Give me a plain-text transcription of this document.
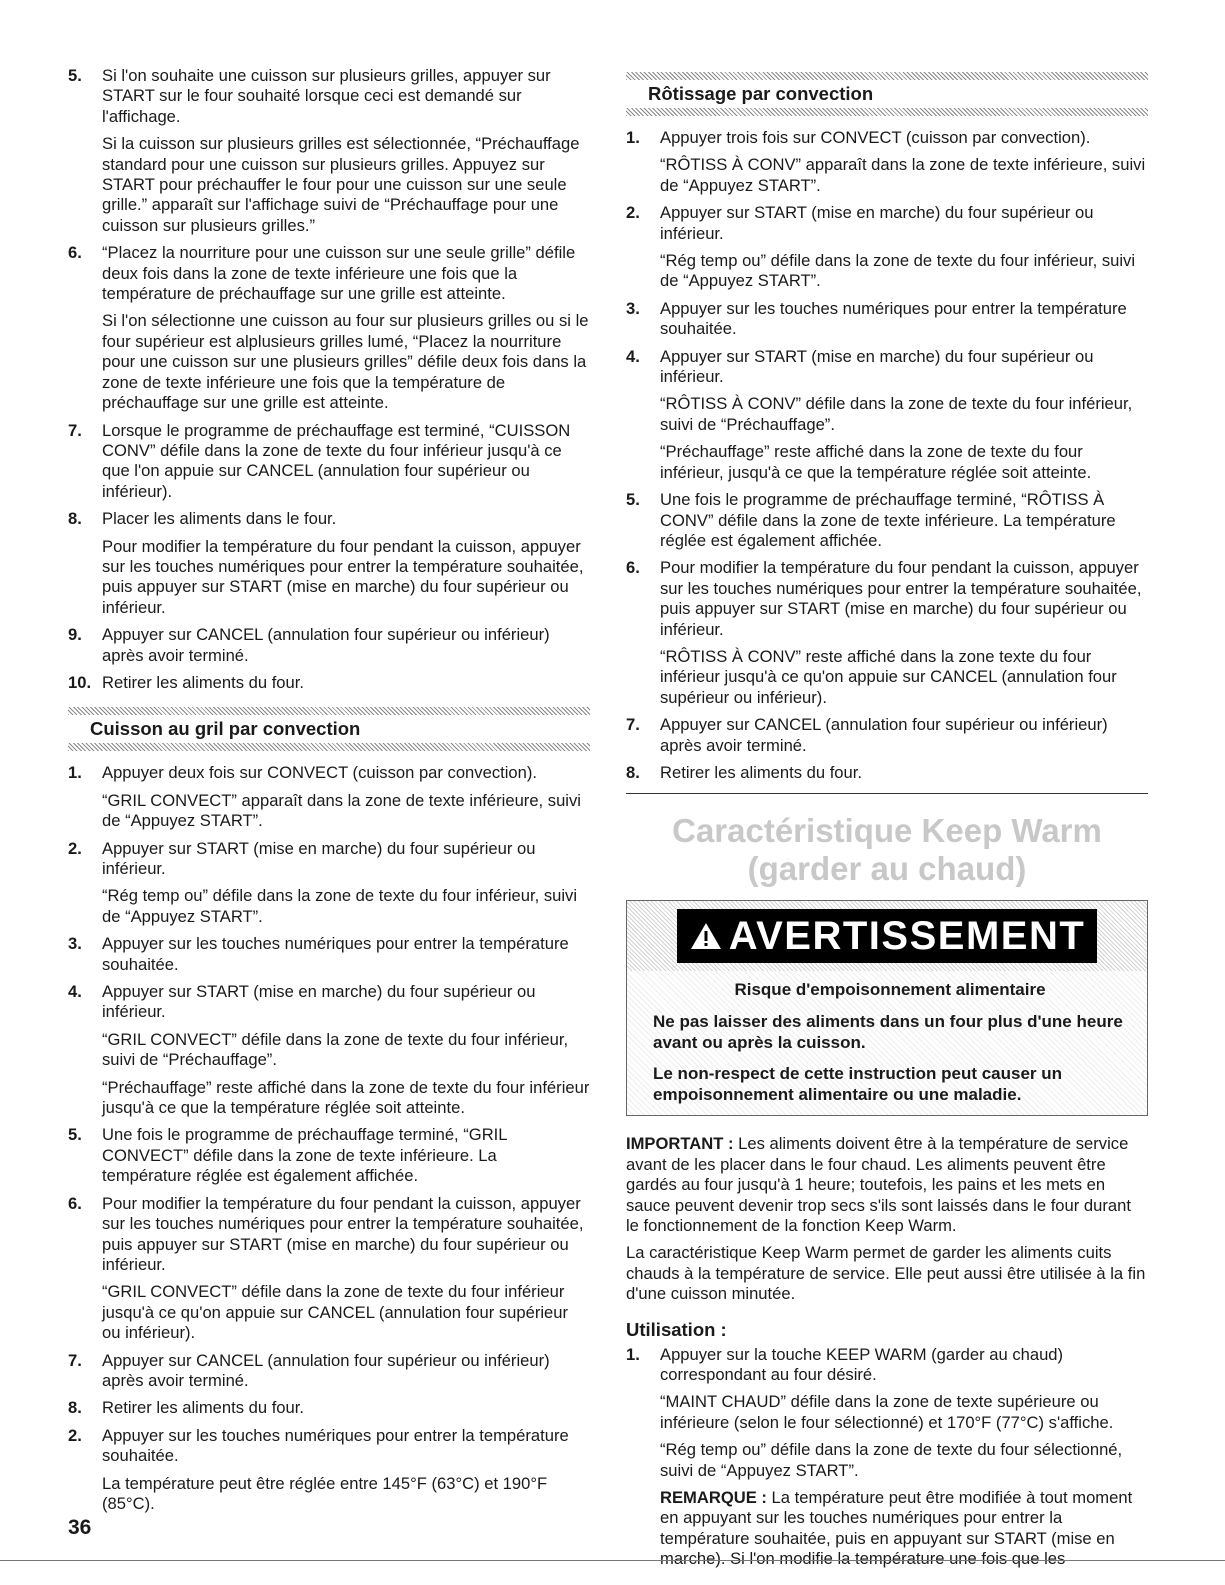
5.	Si l'on souhaite une cuisson sur plusieurs grilles, appuyer sur START sur le four souhaité lorsque ceci est demandé sur l'affichage.

Si la cuisson sur plusieurs grilles est sélectionnée, “Préchauffage standard pour une cuisson sur plusieurs grilles. Appuyez sur START pour préchauffer le four pour une cuisson sur une seule grille.” apparaît sur l'affichage suivi de “Préchauffage pour une cuisson sur plusieurs grilles.”

6.	“Placez la nourriture pour une cuisson sur une seule grille” défile deux fois dans la zone de texte inférieure une fois que la température de préchauffage sur une grille est atteinte.

Si l'on sélectionne une cuisson au four sur plusieurs grilles ou si le four supérieur est alplusieurs grilles lumé, “Placez la nourriture pour une cuisson sur une plusieurs grilles” défile deux fois dans la zone de texte inférieure une fois que la température de préchauffage sur une grille est atteinte.

7.	Lorsque le programme de préchauffage est terminé, “CUISSON CONV” défile dans la zone de texte du four inférieur jusqu'à ce que l'on appuie sur CANCEL (annulation four supérieur ou inférieur).

8.	Placer les aliments dans le four.

Pour modifier la température du four pendant la cuisson, appuyer sur les touches numériques pour entrer la température souhaitée, puis appuyer sur START (mise en marche) du four supérieur ou inférieur.

9.	Appuyer sur CANCEL (annulation four supérieur ou inférieur) après avoir terminé.

10. Retirer les aliments du four.

Cuisson au gril par convection
1.	Appuyer deux fois sur CONVECT (cuisson par convection).

“GRIL CONVECT” apparaît dans la zone de texte inférieure, suivi de “Appuyez START”.

2.	Appuyer sur START (mise en marche) du four supérieur ou inférieur.

“Rég temp ou” défile dans la zone de texte du four inférieur, suivi de “Appuyez START”.

3.	Appuyer sur les touches numériques pour entrer la température souhaitée.

4.	Appuyer sur START (mise en marche) du four supérieur ou inférieur.

“GRIL CONVECT” défile dans la zone de texte du four inférieur, suivi de “Préchauffage”.

“Préchauffage” reste affiché dans la zone de texte du four inférieur jusqu'à ce que la température réglée soit atteinte.

5.	Une fois le programme de préchauffage terminé, “GRIL CONVECT” défile dans la zone de texte inférieure. La température réglée est également affichée.

6.	Pour modifier la température du four pendant la cuisson, appuyer sur les touches numériques pour entrer la température souhaitée, puis appuyer sur START (mise en marche) du four supérieur ou inférieur.

“GRIL CONVECT” défile dans la zone de texte du four inférieur jusqu'à ce qu'on appuie sur CANCEL (annulation four supérieur ou inférieur).

7.	Appuyer sur CANCEL (annulation four supérieur ou inférieur) après avoir terminé.

8.	Retirer les aliments du four.

2.	Appuyer sur les touches numériques pour entrer la température souhaitée.

La température peut être réglée entre 145°F (63°C) et 190°F (85°C).

Rôtissage par convection
1.	Appuyer trois fois sur CONVECT (cuisson par convection).

“RÔTISS À CONV” apparaît dans la zone de texte inférieure, suivi de “Appuyez START”.

2.	Appuyer sur START (mise en marche) du four supérieur ou inférieur.

“Rég temp ou” défile dans la zone de texte du four inférieur, suivi de “Appuyez START”.

3.	Appuyer sur les touches numériques pour entrer la température souhaitée.

4.	Appuyer sur START (mise en marche) du four supérieur ou inférieur.

“RÔTISS À CONV” défile dans la zone de texte du four inférieur, suivi de “Préchauffage”.

“Préchauffage” reste affiché dans la zone de texte du four inférieur, jusqu'à ce que la température réglée soit atteinte.

5.	Une fois le programme de préchauffage terminé, “RÔTISS À CONV” défile dans la zone de texte inférieure. La température réglée est également affichée.

6.	Pour modifier la température du four pendant la cuisson, appuyer sur les touches numériques pour entrer la température souhaitée, puis appuyer sur START (mise en marche) du four supérieur ou inférieur.

“RÔTISS À CONV” reste affiché dans la zone texte du four inférieur jusqu'à ce qu'on appuie sur CANCEL (annulation four supérieur ou inférieur).

7.	Appuyer sur CANCEL (annulation four supérieur ou inférieur) après avoir terminé.

8.	Retirer les aliments du four.

Caractéristique Keep Warm
(garder au chaud)
AVERTISSEMENT
Risque d'empoisonnement alimentaire
Ne pas laisser des aliments dans un four plus d'une heure avant ou après la cuisson.
Le non-respect de cette instruction peut causer un empoisonnement alimentaire ou une maladie.
IMPORTANT : Les aliments doivent être à la température de service avant de les placer dans le four chaud. Les aliments peuvent être gardés au four jusqu'à 1 heure; toutefois, les pains et les mets en sauce peuvent devenir trop secs s'ils sont laissés dans le four durant le fonctionnement de la fonction Keep Warm.
La caractéristique Keep Warm permet de garder les aliments cuits chauds à la température de service. Elle peut aussi être utilisée à la fin d'une cuisson minutée.
Utilisation :
1.	Appuyer sur la touche KEEP WARM (garder au chaud) correspondant au four désiré.

“MAINT CHAUD” défile dans la zone de texte supérieure ou inférieure (selon le four sélectionné) et 170°F (77°C) s'affiche.

“Rég temp ou” défile dans la zone de texte du four sélectionné, suivi de “Appuyez START”.

REMARQUE : La température peut être modifiée à tout moment en appuyant sur les touches numériques pour entrer la température souhaitée, puis en appuyant sur START (mise en marche). Si l'on modifie la température une fois que les

36
